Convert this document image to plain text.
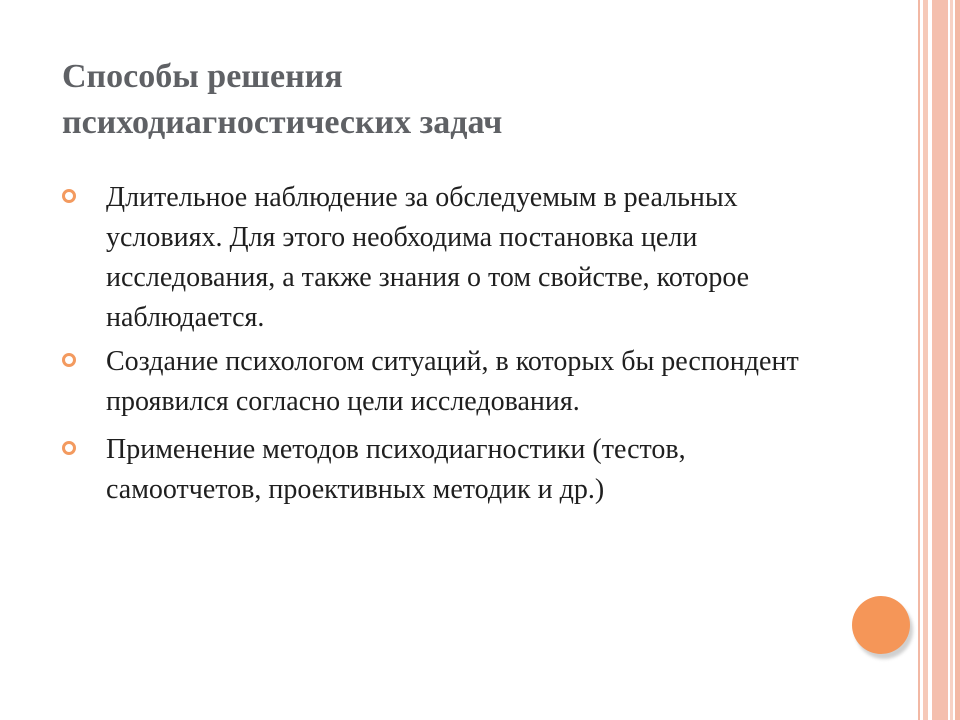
Способы решения
психодиагностических задач
Длительное наблюдение за обследуемым в реальных условиях. Для этого необходима постановка цели исследования, а также знания о том свойстве, которое наблюдается.
Создание психологом ситуаций, в которых бы респондент проявился согласно цели исследования.
Применение методов психодиагностики (тестов, самоотчетов, проективных методик и др.)
